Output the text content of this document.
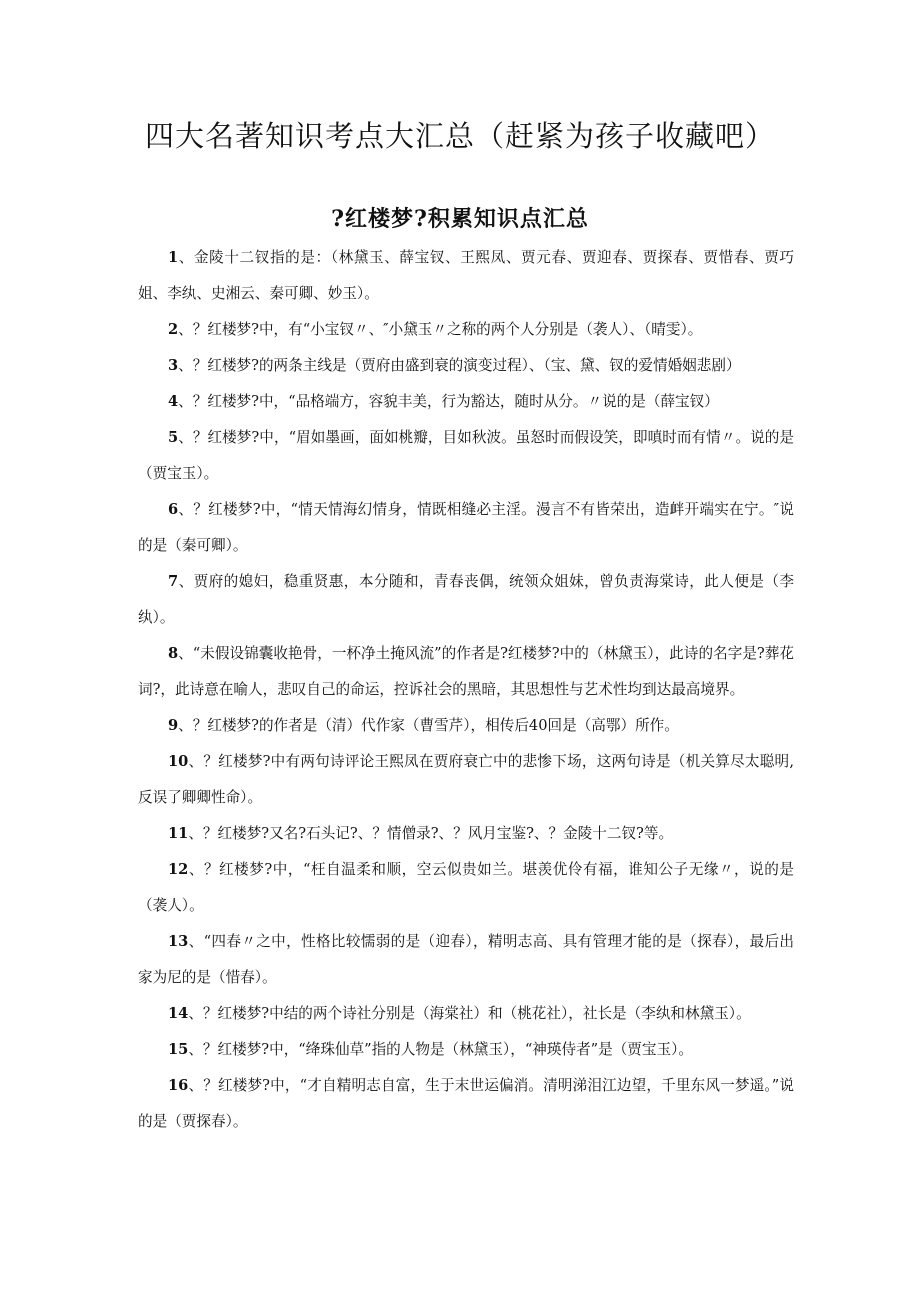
四大名著知识考点大汇总（赶紧为孩子收藏吧）
?红楼梦?积累知识点汇总
1、金陵十二钗指的是：（林黛玉、薛宝钗、王熙凤、贾元春、贾迎春、贾探春、贾惜春、贾巧姐、李纨、史湘云、秦可卿、妙玉）。
2、？红楼梦?中，有“小宝钗〃、″小黛玉〃之称的两个人分别是（袭人）、（晴雯）。
3、？红楼梦?的两条主线是（贾府由盛到衰的演变过程）、（宝、黛、钗的爱情婚姻悲剧）
4、？红楼梦?中，“品格端方，容貌丰美，行为豁达，随时从分。〃说的是（薛宝钗）
5、？红楼梦?中，“眉如墨画，面如桃瓣，目如秋波。虽怒时而假设笑，即嗔时而有情〃。说的是（贾宝玉）。
6、？红楼梦?中，“情天情海幻情身，情既相缝必主淫。漫言不有皆荣出，造衅开端实在宁。″说的是（秦可卿）。
7、贾府的媳妇，稳重贤惠，本分随和，青春丧偶，统领众姐妹，曾负责海棠诗，此人便是（李纨）。
8、“未假设锦囊收艳骨，一杯净土掩风流”的作者是?红楼梦?中的（林黛玉），此诗的名字是?葬花词?，此诗意在喻人，悲叹自己的命运，控诉社会的黑暗，其思想性与艺术性均到达最高境界。
9、？红楼梦?的作者是（清）代作家（曹雪芹），相传后40回是（高鄂）所作。
10、？红楼梦?中有两句诗评论王熙凤在贾府衰亡中的悲惨下场，这两句诗是（机关算尽太聪明,反误了卿卿性命）。
11、？红楼梦?又名?石头记?、？情僧录?、？风月宝鉴?、？金陵十二钗?等。
12、？红楼梦?中，“枉自温柔和顺，空云似贵如兰。堪羡优伶有福，谁知公子无缘〃，说的是（袭人）。
13、“四春〃之中，性格比较懦弱的是（迎春），精明志高、具有管理才能的是（探春），最后出家为尼的是（惜春）。
14、？红楼梦?中结的两个诗社分别是（海棠社）和（桃花社），社长是（李纨和林黛玉）。
15、？红楼梦?中，“绛珠仙草”指的人物是（林黛玉），“神瑛侍者”是（贾宝玉）。
16、？红楼梦?中，“才自精明志自富，生于末世运偏消。清明涕泪江边望，千里东风一梦遥。”说的是（贾探春）。
